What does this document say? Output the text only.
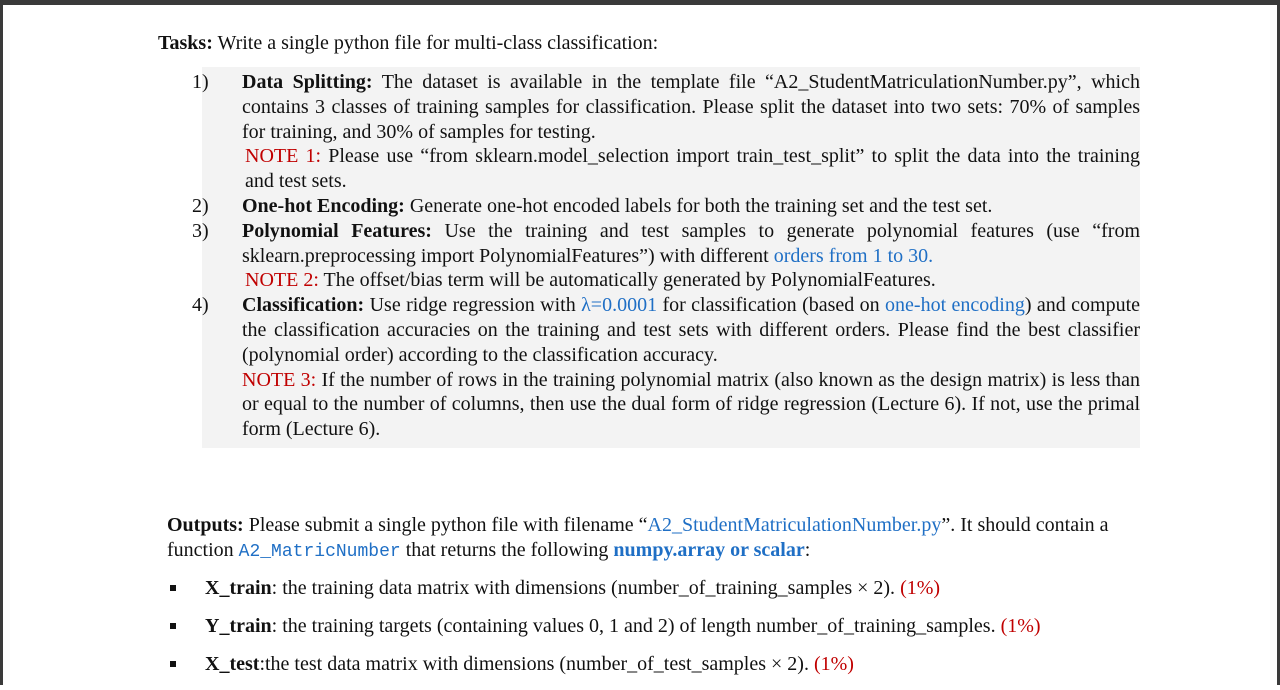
Tasks: Write a single python file for multi-class classification:
1) Data Splitting: The dataset is available in the template file “A2_StudentMatriculationNumber.py”, which contains 3 classes of training samples for classification. Please split the dataset into two sets: 70% of samples for training, and 30% of samples for testing.
NOTE 1: Please use “from sklearn.model_selection import train_test_split” to split the data into the training and test sets.
2) One-hot Encoding: Generate one-hot encoded labels for both the training set and the test set.
3) Polynomial Features: Use the training and test samples to generate polynomial features (use “from sklearn.preprocessing import PolynomialFeatures”) with different orders from 1 to 30.
NOTE 2: The offset/bias term will be automatically generated by PolynomialFeatures.
4) Classification: Use ridge regression with λ=0.0001 for classification (based on one-hot encoding) and compute the classification accuracies on the training and test sets with different orders. Please find the best classifier (polynomial order) according to the classification accuracy.
NOTE 3: If the number of rows in the training polynomial matrix (also known as the design matrix) is less than or equal to the number of columns, then use the dual form of ridge regression (Lecture 6). If not, use the primal form (Lecture 6).
Outputs: Please submit a single python file with filename “A2_StudentMatriculationNumber.py”. It should contain a function A2_MatricNumber that returns the following numpy.array or scalar:
X_train: the training data matrix with dimensions (number_of_training_samples × 2). (1%)
Y_train: the training targets (containing values 0, 1 and 2) of length number_of_training_samples. (1%)
X_test:the test data matrix with dimensions (number_of_test_samples × 2). (1%)
